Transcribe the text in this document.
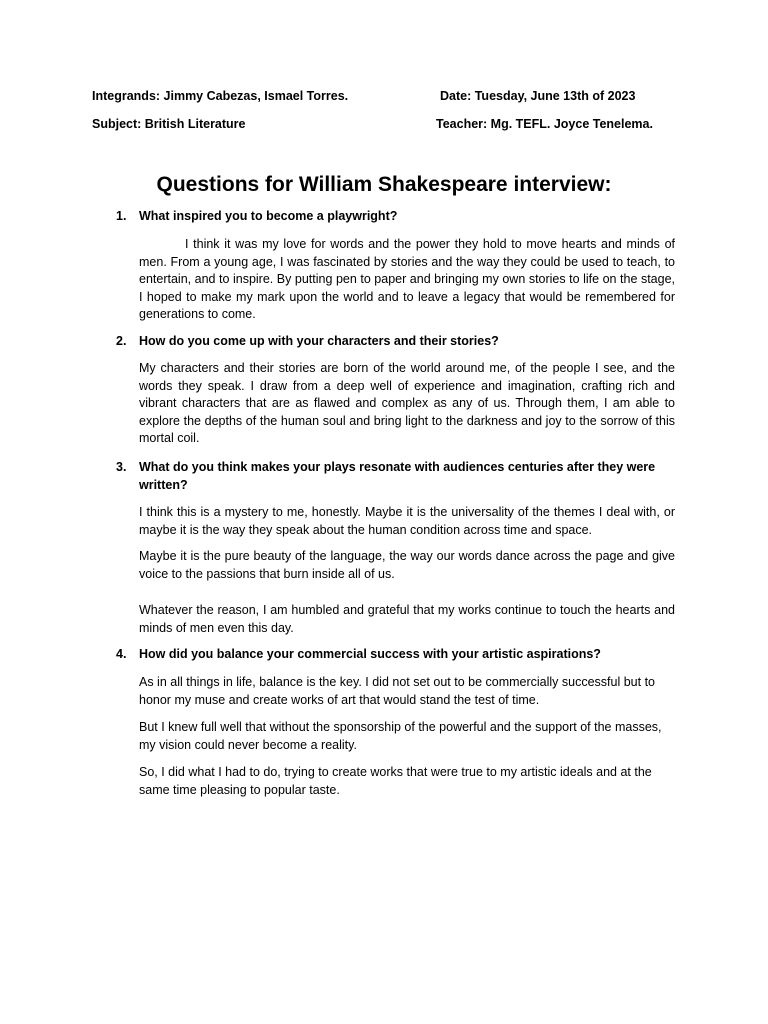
Integrands: Jimmy Cabezas, Ismael Torres.	Date: Tuesday, June 13th of 2023
Subject: British Literature	Teacher: Mg. TEFL. Joyce Tenelema.
Questions for William Shakespeare interview:
1. What inspired you to become a playwright?

I think it was my love for words and the power they hold to move hearts and minds of men. From a young age, I was fascinated by stories and the way they could be used to teach, to entertain, and to inspire. By putting pen to paper and bringing my own stories to life on the stage, I hoped to make my mark upon the world and to leave a legacy that would be remembered for generations to come.

2. How do you come up with your characters and their stories?

My characters and their stories are born of the world around me, of the people I see, and the words they speak. I draw from a deep well of experience and imagination, crafting rich and vibrant characters that are as flawed and complex as any of us. Through them, I am able to explore the depths of the human soul and bring light to the darkness and joy to the sorrow of this mortal coil.

3. What do you think makes your plays resonate with audiences centuries after they were written?

I think this is a mystery to me, honestly. Maybe it is the universality of the themes I deal with, or maybe it is the way they speak about the human condition across time and space.

Maybe it is the pure beauty of the language, the way our words dance across the page and give voice to the passions that burn inside all of us.

Whatever the reason, I am humbled and grateful that my works continue to touch the hearts and minds of men even this day.

4. How did you balance your commercial success with your artistic aspirations?

As in all things in life, balance is the key. I did not set out to be commercially successful but to honor my muse and create works of art that would stand the test of time.

But I knew full well that without the sponsorship of the powerful and the support of the masses, my vision could never become a reality.

So, I did what I had to do, trying to create works that were true to my artistic ideals and at the same time pleasing to popular taste.
